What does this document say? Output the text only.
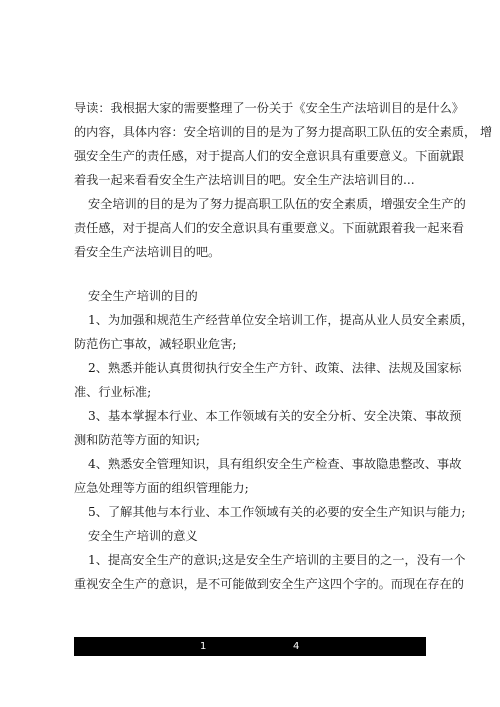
导读：我根据大家的需要整理了一份关于《安全生产法培训目的是什么》
的内容，具体内容：安全培训的目的是为了努力提高职工队伍的安全素质， 增
强安全生产的责任感，对于提高人们的安全意识具有重要意义。下面就跟
着我一起来看看安全生产法培训目的吧。安全生产法培训目的...
安全培训的目的是为了努力提高职工队伍的安全素质，增强安全生产的
责任感，对于提高人们的安全意识具有重要意义。下面就跟着我一起来看
看安全生产法培训目的吧。
安全生产培训的目的
1、为加强和规范生产经营单位安全培训工作，提高从业人员安全素质，
防范伤亡事故，减轻职业危害;
2、熟悉并能认真贯彻执行安全生产方针、政策、法律、法规及国家标
准、行业标准;
3、基本掌握本行业、本工作领域有关的安全分析、安全决策、事故预
测和防范等方面的知识;
4、熟悉安全管理知识，具有组织安全生产检查、事故隐患整改、事故
应急处理等方面的组织管理能力;
5、了解其他与本行业、本工作领域有关的必要的安全生产知识与能力;
安全生产培训的意义
1、提高安全生产的意识;这是安全生产培训的主要目的之一，没有一个
重视安全生产的意识，是不可能做到安全生产这四个字的。而现在存在的
1	4
